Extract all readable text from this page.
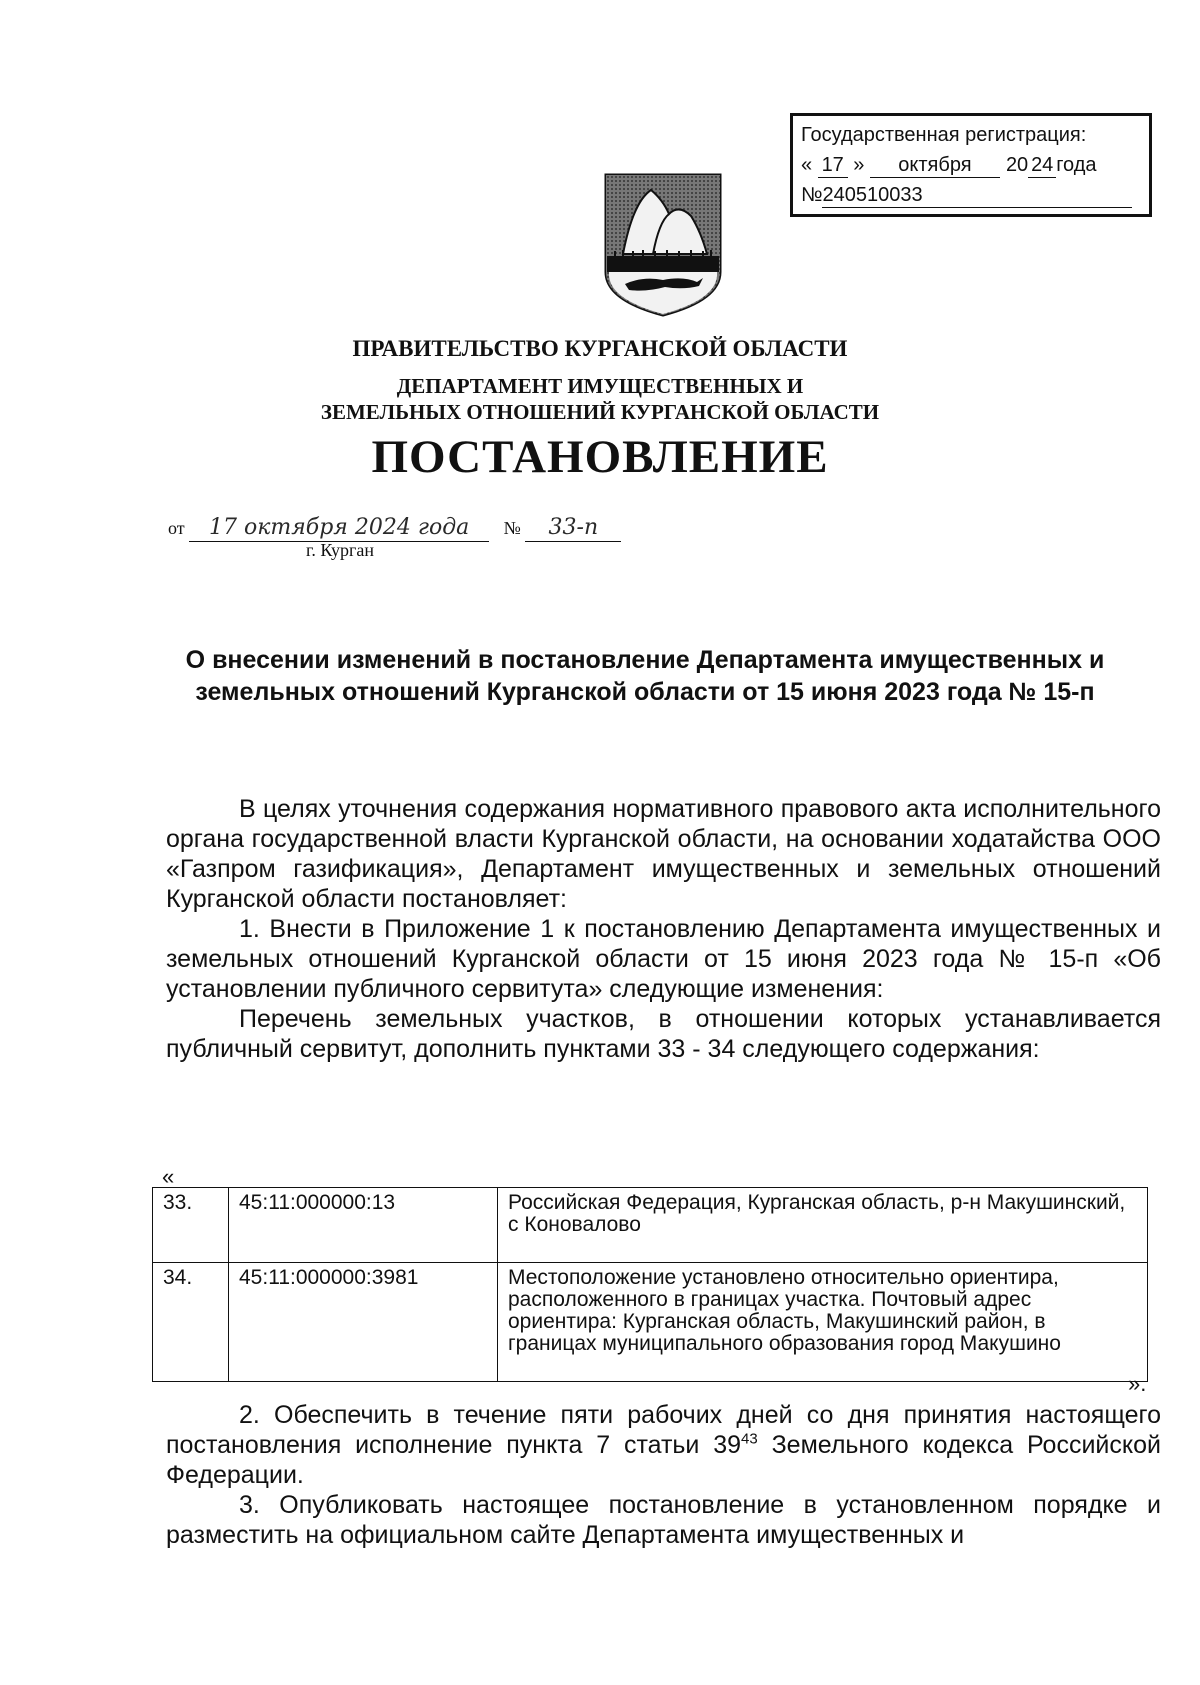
Государственная регистрация:
« 17 » октября 20 24 года
№240510033
ПРАВИТЕЛЬСТВО КУРГАНСКОЙ ОБЛАСТИ
ДЕПАРТАМЕНТ ИМУЩЕСТВЕННЫХ И
ЗЕМЕЛЬНЫХ ОТНОШЕНИЙ КУРГАНСКОЙ ОБЛАСТИ
ПОСТАНОВЛЕНИЕ
от 17 октября 2024 года № 33-п
г. Курган
О внесении изменений в постановление Департамента имущественных и земельных отношений Курганской области от 15 июня 2023 года № 15-п

В целях уточнения содержания нормативного правового акта исполнительного органа государственной власти Курганской области, на основании ходатайства ООО «Газпром газификация», Департамент имущественных и земельных отношений Курганской области постановляет:

1. Внести в Приложение 1 к постановлению Департамента имущественных и земельных отношений Курганской области от 15 июня 2023 года № 15-п «Об установлении публичного сервитута» следующие изменения:

Перечень земельных участков, в отношении которых устанавливается публичный сервитут, дополнить пунктами 33 - 34 следующего содержания:

«
33.	45:11:000000:13	Российская Федерация, Курганская область, р-н Макушинский, с Коновалово
34.	45:11:000000:3981	Местоположение установлено относительно ориентира, расположенного в границах участка. Почтовый адрес ориентира: Курганская область, Макушинский район, в границах муниципального образования город Макушино
».

2. Обеспечить в течение пяти рабочих дней со дня принятия настоящего постановления исполнение пункта 7 статьи $39^{43}$ Земельного кодекса Российской Федерации.

3. Опубликовать настоящее постановление в установленном порядке и разместить на официальном сайте Департамента имущественных и
